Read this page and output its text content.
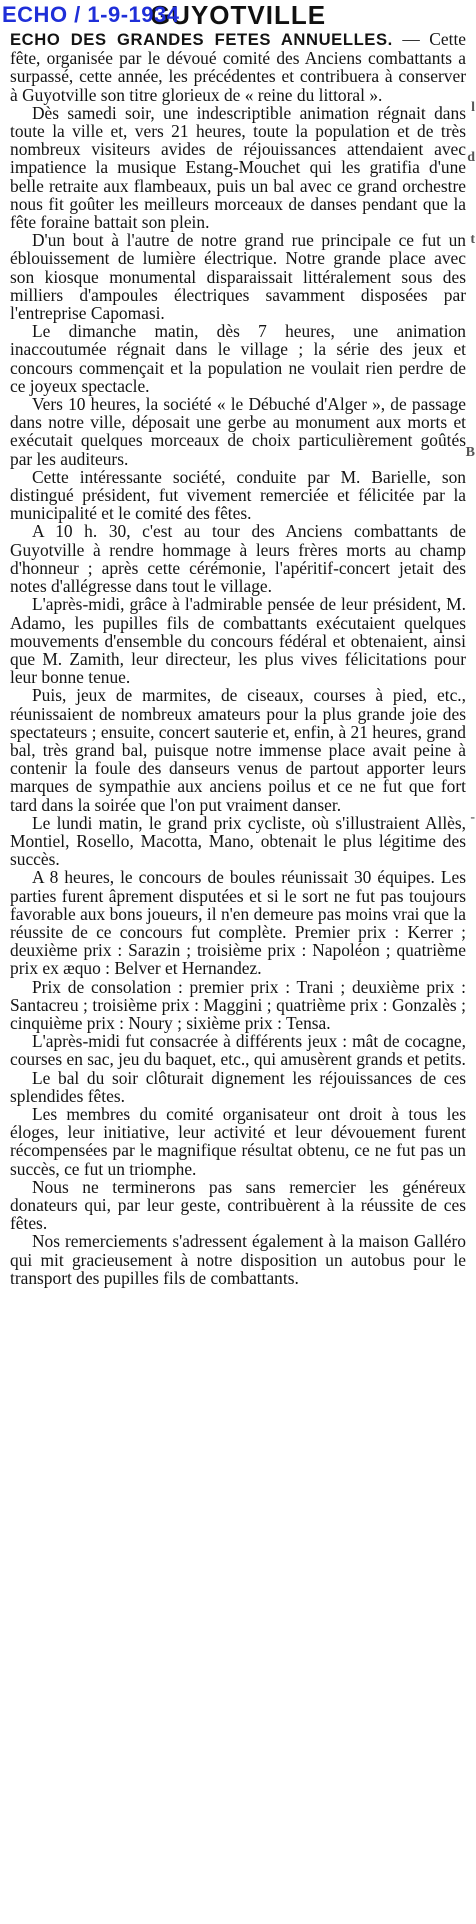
ECHO / 1-9-1934
GUYOTVILLE

ECHO DES GRANDES FETES ANNUELLES. — Cette fête, organisée par le dévoué comité des Anciens combattants a surpassé, cette année, les précédentes et contribuera à conserver à Guyotville son titre glorieux de « reine du littoral ».

Dès samedi soir, une indescriptible animation régnait dans toute la ville et, vers 21 heures, toute la population et de très nombreux visiteurs avides de réjouissances attendaient avec impatience la musique Estang-Mouchet qui les gratifia d'une belle retraite aux flambeaux, puis un bal avec ce grand orchestre nous fit goûter les meilleurs morceaux de danses pendant que la fête foraine battait son plein.

D'un bout à l'autre de notre grand rue principale ce fut un éblouissement de lumière électrique. Notre grande place avec son kiosque monumental disparaissait littéralement sous des milliers d'ampoules électriques savamment disposées par l'entreprise Capomasi.

Le dimanche matin, dès 7 heures, une animation inaccoutumée régnait dans le village ; la série des jeux et concours commençait et la population ne voulait rien perdre de ce joyeux spectacle.

Vers 10 heures, la société « le Débuché d'Alger », de passage dans notre ville, déposait une gerbe au monument aux morts et exécutait quelques morceaux de choix particulièrement goûtés par les auditeurs.

Cette intéressante société, conduite par M. Barielle, son distingué président, fut vivement remerciée et félicitée par la municipalité et le comité des fêtes.

A 10 h. 30, c'est au tour des Anciens combattants de Guyotville à rendre hommage à leurs frères morts au champ d'honneur ; après cette cérémonie, l'apéritif-concert jetait des notes d'allégresse dans tout le village.

L'après-midi, grâce à l'admirable pensée de leur président, M. Adamo, les pupilles fils de combattants exécutaient quelques mouvements d'ensemble du concours fédéral et obtenaient, ainsi que M. Zamith, leur directeur, les plus vives félicitations pour leur bonne tenue.

Puis, jeux de marmites, de ciseaux, courses à pied, etc., réunissaient de nombreux amateurs pour la plus grande joie des spectateurs ; ensuite, concert sauterie et, enfin, à 21 heures, grand bal, très grand bal, puisque notre immense place avait peine à contenir la foule des danseurs venus de partout apporter leurs marques de sympathie aux anciens poilus et ce ne fut que fort tard dans la soirée que l'on put vraiment danser.

Le lundi matin, le grand prix cycliste, où s'illustraient Allès, Montiel, Rosello, Macotta, Mano, obtenait le plus légitime des succès.

A 8 heures, le concours de boules réunissait 30 équipes. Les parties furent âprement disputées et si le sort ne fut pas toujours favorable aux bons joueurs, il n'en demeure pas moins vrai que la réussite de ce concours fut complète. Premier prix : Kerrer ; deuxième prix : Sarazin ; troisième prix : Napoléon ; quatrième prix ex æquo : Belver et Hernandez.

Prix de consolation : premier prix : Trani ; deuxième prix : Santacreu ; troisième prix : Maggini ; quatrième prix : Gonzalès ; cinquième prix : Noury ; sixième prix : Tensa.

L'après-midi fut consacrée à différents jeux : mât de cocagne, courses en sac, jeu du baquet, etc., qui amusèrent grands et petits.

Le bal du soir clôturait dignement les réjouissances de ces splendides fêtes.

Les membres du comité organisateur ont droit à tous les éloges, leur initiative, leur activité et leur dévouement furent récompensées par le magnifique résultat obtenu, ce ne fut pas un succès, ce fut un triomphe.

Nous ne terminerons pas sans remercier les généreux donateurs qui, par leur geste, contribuèrent à la réussite de ces fêtes.

Nos remerciements s'adressent également à la maison Galléro qui mit gracieusement à notre disposition un autobus pour le transport des pupilles fils de combattants.

l
d
t
B
-
